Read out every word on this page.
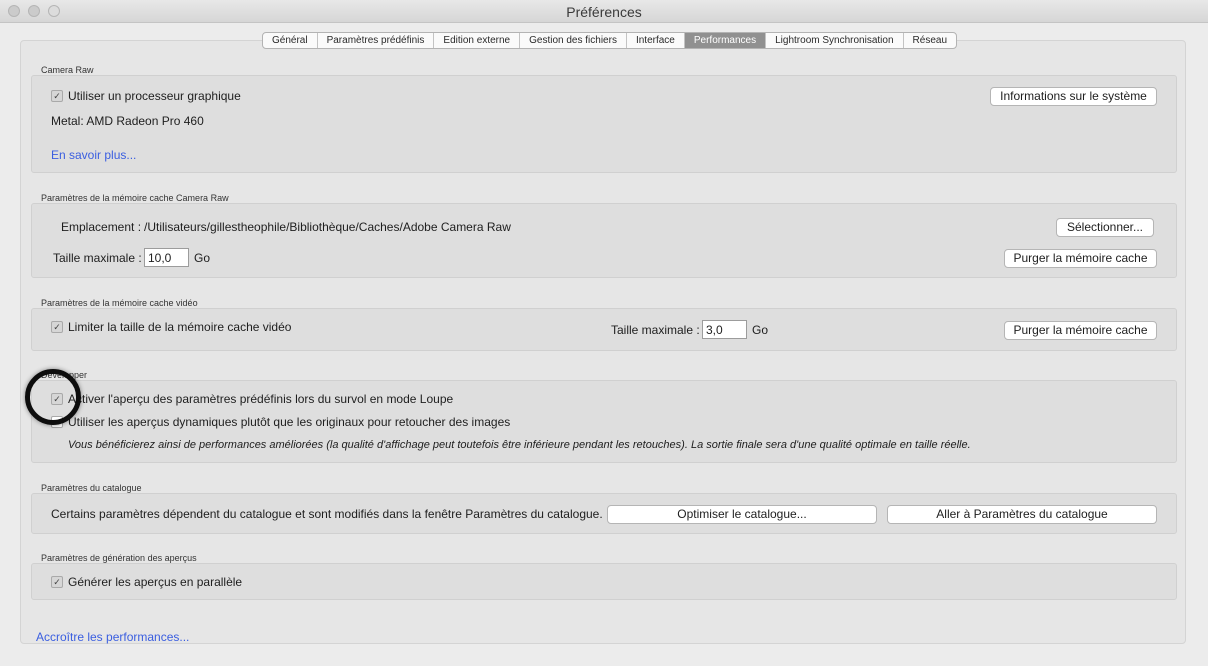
Préférences
Général	Paramètres prédéfinis	Edition externe	Gestion des fichiers	Interface	Performances	Lightroom Synchronisation	Réseau
Camera Raw
✓ Utiliser un processeur graphique	Informations sur le système
Metal: AMD Radeon Pro 460
En savoir plus...
Paramètres de la mémoire cache Camera Raw
Emplacement : /Utilisateurs/gillestheophile/Bibliothèque/Caches/Adobe Camera Raw	Sélectionner...
Taille maximale :
10,0	Go	Purger la mémoire cache
Paramètres de la mémoire cache vidéo
✓ Limiter la taille de la mémoire cache vidéo	Taille maximale :
3,0	Go	Purger la mémoire cache
Développer
✓ Activer l'aperçu des paramètres prédéfinis lors du survol en mode Loupe
Utiliser les aperçus dynamiques plutôt que les originaux pour retoucher des images
Vous bénéficierez ainsi de performances améliorées (la qualité d'affichage peut toutefois être inférieure pendant les retouches). La sortie finale sera d'une qualité optimale en taille réelle.
Paramètres du catalogue
Certains paramètres dépendent du catalogue et sont modifiés dans la fenêtre Paramètres du catalogue.	Optimiser le catalogue...	Aller à Paramètres du catalogue
Paramètres de génération des aperçus
✓ Générer les aperçus en parallèle
Accroître les performances...
